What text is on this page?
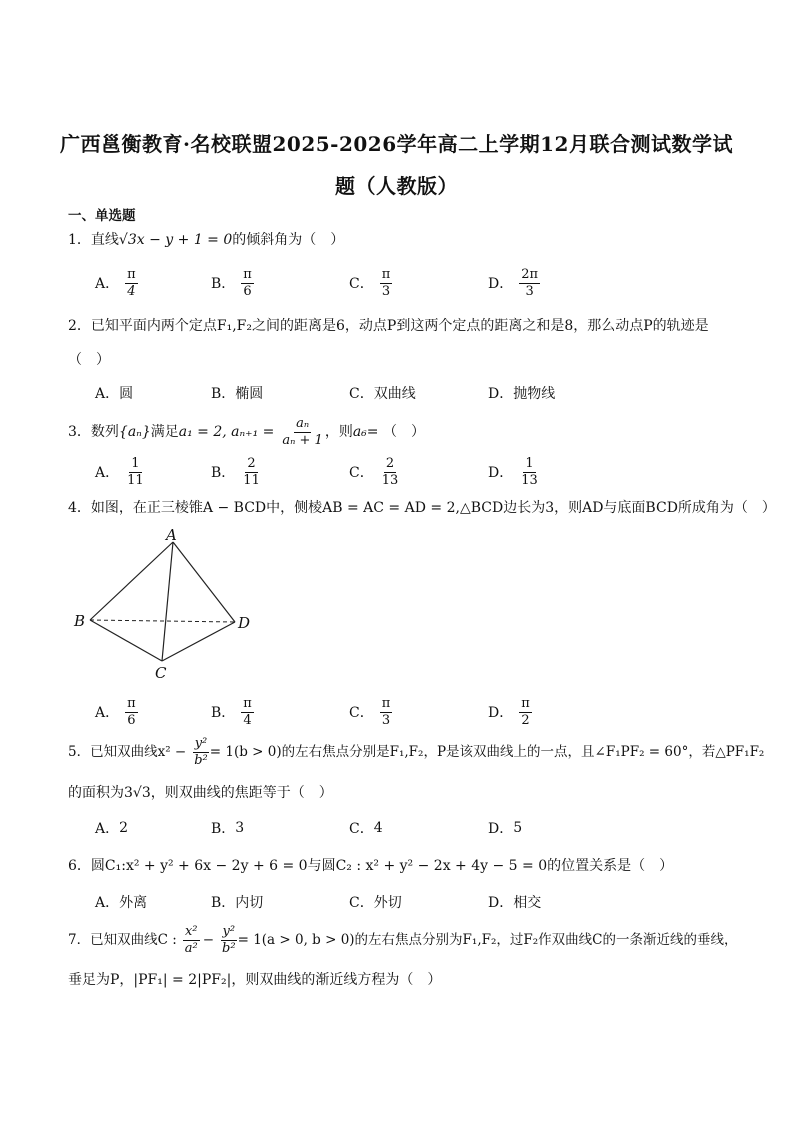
广西邕衡教育·名校联盟2025-2026学年高二上学期12月联合测试数学试
题（人教版）
一、单选题
1．直线√3x − y + 1 = 0的倾斜角为（　）
A． $\frac{\pi}{4}$	B． $\frac{\pi}{6}$	C． $\frac{\pi}{3}$	D． $\frac{2\pi}{3}$
2．已知平面内两个定点F₁,F₂之间的距离是6，动点P到这两个定点的距离之和是8，那么动点P的轨迹是
（　）
A． 圆	B． 椭圆	C． 双曲线	D． 抛物线
3．数列 {aₙ} 满足 a₁ = 2, $a_{n+1} = \frac{\text{aₙ}}{\text{aₙ + 1}}$ ，则 a₆ = （　）
A． $\frac{1}{11}$	B． $\frac{2}{11}$	C． $\frac{2}{13}$	D． $\frac{1}{13}$
4．如图，在正三棱锥A − BCD中，侧棱AB = AC = AD = 2,△BCD边长为3，则AD与底面BCD所成角为（　）
A
B
C
D
A． $\frac{\pi}{6}$	B． $\frac{\pi}{4}$	C． $\frac{\pi}{3}$	D． $\frac{\pi}{2}$
5．已知双曲线$x^2 - \frac{\text{y²}}{\text{b²}} = 1(b > 0)$的左右焦点分别是F₁,F₂，P是该双曲线上的一点，且∠F₁PF₂ = 60°，若△PF₁F₂
的面积为3√3，则双曲线的焦距等于（　）
A． 2	B． 3	C． 4	D． 5
6．圆C₁:x² + y² + 6x − 2y + 6 = 0与圆C₂ : x² + y² − 2x + 4y − 5 = 0的位置关系是（　）
A． 外离	B． 内切	C． 外切	D． 相交
7．已知双曲线C : $\frac{\text{x²}}{\text{a²}} - \frac{\text{y²}}{\text{b²}} = 1(a > 0$, b > 0)的左右焦点分别为F₁,F₂，过F₂作双曲线C的一条渐近线的垂线，
垂足为P，|PF₁| = 2|PF₂|，则双曲线的渐近线方程为（　）
